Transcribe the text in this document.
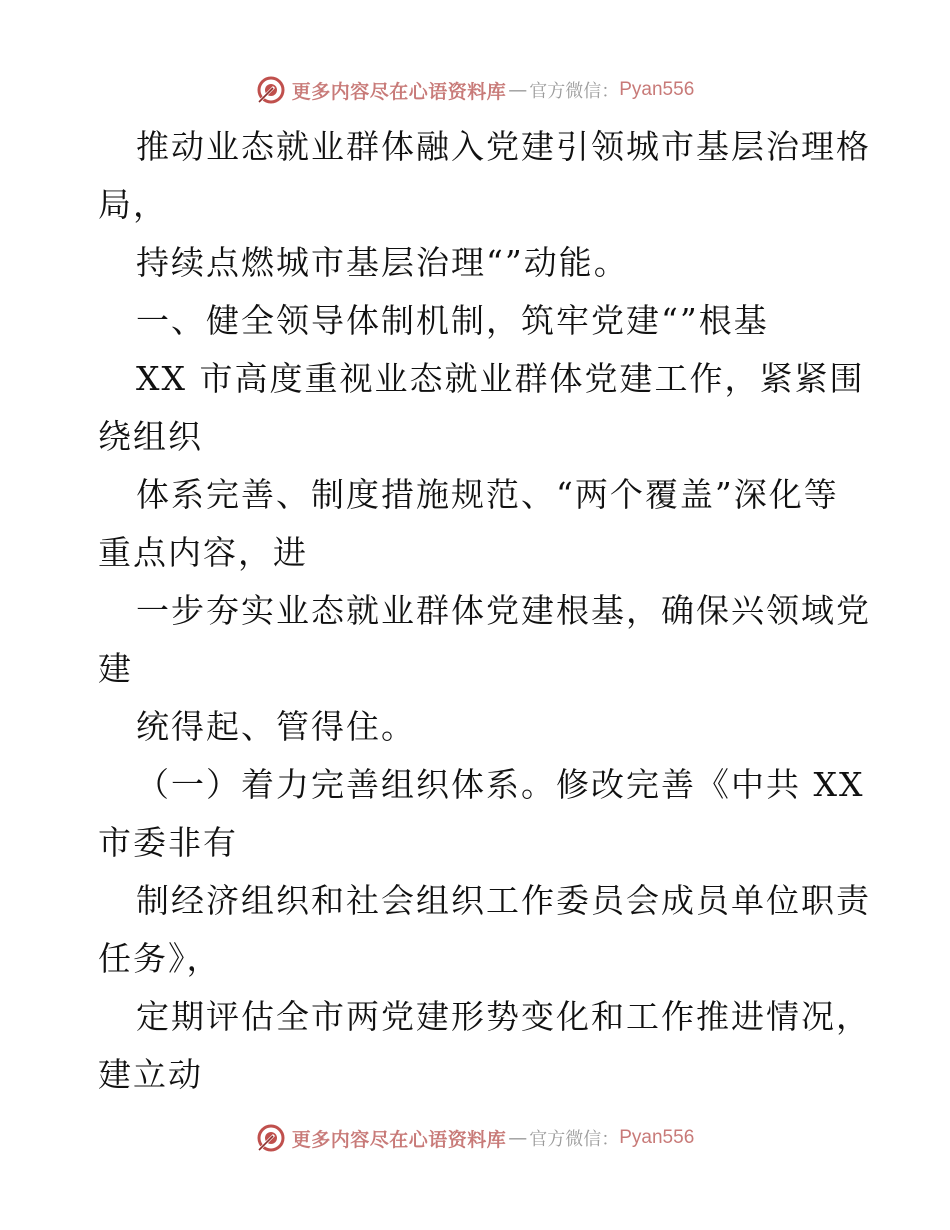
更多内容尽在心语资料库 — 官方微信： Pyan556
推动业态就业群体融入党建引领城市基层治理格
局，
持续点燃城市基层治理“”动能。
一、健全领导体制机制，筑牢党建“”根基
XX 市高度重视业态就业群体党建工作，紧紧围
绕组织
体系完善、制度措施规范、“两个覆盖”深化等
重点内容，进
一步夯实业态就业群体党建根基，确保兴领域党
建
统得起、管得住。
（一）着力完善组织体系。修改完善《中共 XX
市委非有
制经济组织和社会组织工作委员会成员单位职责
任务》，
定期评估全市两党建形势变化和工作推进情况，
建立动
更多内容尽在心语资料库 — 官方微信： Pyan556
